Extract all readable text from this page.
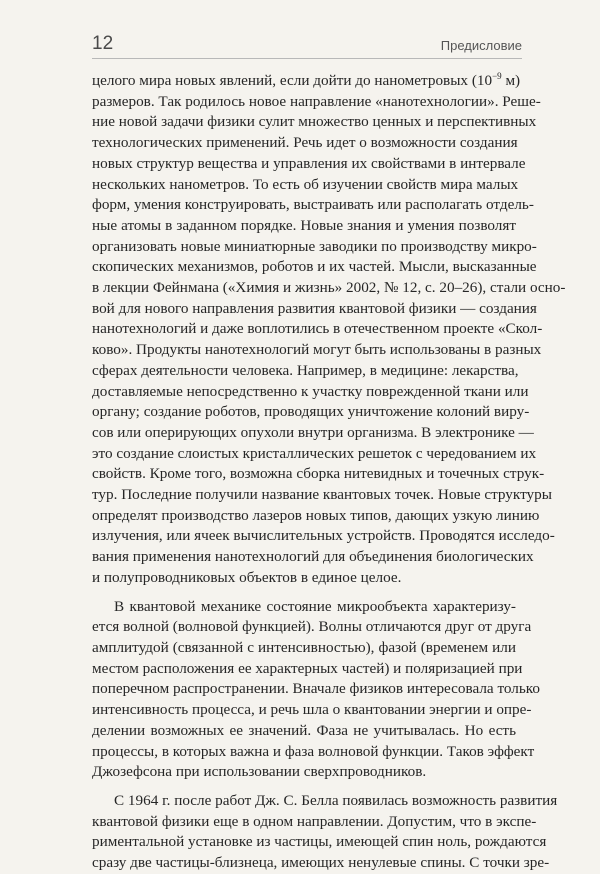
12	Предисловие
целого мира новых явлений, если дойти до нанометровых ($10^{-9}$ м)
размеров. Так родилось новое направление «нанотехнологии». Реше-
ние новой задачи физики сулит множество ценных и перспективных
технологических применений. Речь идет о возможности создания
новых структур вещества и управления их свойствами в интервале
нескольких нанометров. То есть об изучении свойств мира малых
форм, умения конструировать, выстраивать или располагать отдель-
ные атомы в заданном порядке. Новые знания и умения позволят
организовать новые миниатюрные заводики по производству микро-
скопических механизмов, роботов и их частей. Мысли, высказанные
в лекции Фейнмана («Химия и жизнь» 2002, № 12, с. 20–26), стали осно-
вой для нового направления развития квантовой физики — создания
нанотехнологий и даже воплотились в отечественном проекте «Скол-
ково». Продукты нанотехнологий могут быть использованы в разных
сферах деятельности человека. Например, в медицине: лекарства,
доставляемые непосредственно к участку поврежденной ткани или
органу; создание роботов, проводящих уничтожение колоний виру-
сов или оперирующих опухоли внутри организма. В электронике —
это создание слоистых кристаллических решеток с чередованием их
свойств. Кроме того, возможна сборка нитевидных и точечных струк-
тур. Последние получили название квантовых точек. Новые структуры
определят производство лазеров новых типов, дающих узкую линию
излучения, или ячеек вычислительных устройств. Проводятся исследо-
вания применения нанотехнологий для объединения биологических
и полупроводниковых объектов в единое целое.
В квантовой механике состояние микрообъекта характеризу-
ется волной (волновой функцией). Волны отличаются друг от друга
амплитудой (связанной с интенсивностью), фазой (временем или
местом расположения ее характерных частей) и поляризацией при
поперечном распространении. Вначале физиков интересовала только
интенсивность процесса, и речь шла о квантовании энергии и опре-
делении возможных ее значений. Фаза не учитывалась. Но есть
процессы, в которых важна и фаза волновой функции. Таков эффект
Джозефсона при использовании сверхпроводников.
С 1964 г. после работ Дж. С. Белла появилась возможность развития
квантовой физики еще в одном направлении. Допустим, что в экспе-
риментальной установке из частицы, имеющей спин ноль, рождаются
сразу две частицы-близнеца, имеющих ненулевые спины. С точки зре-
